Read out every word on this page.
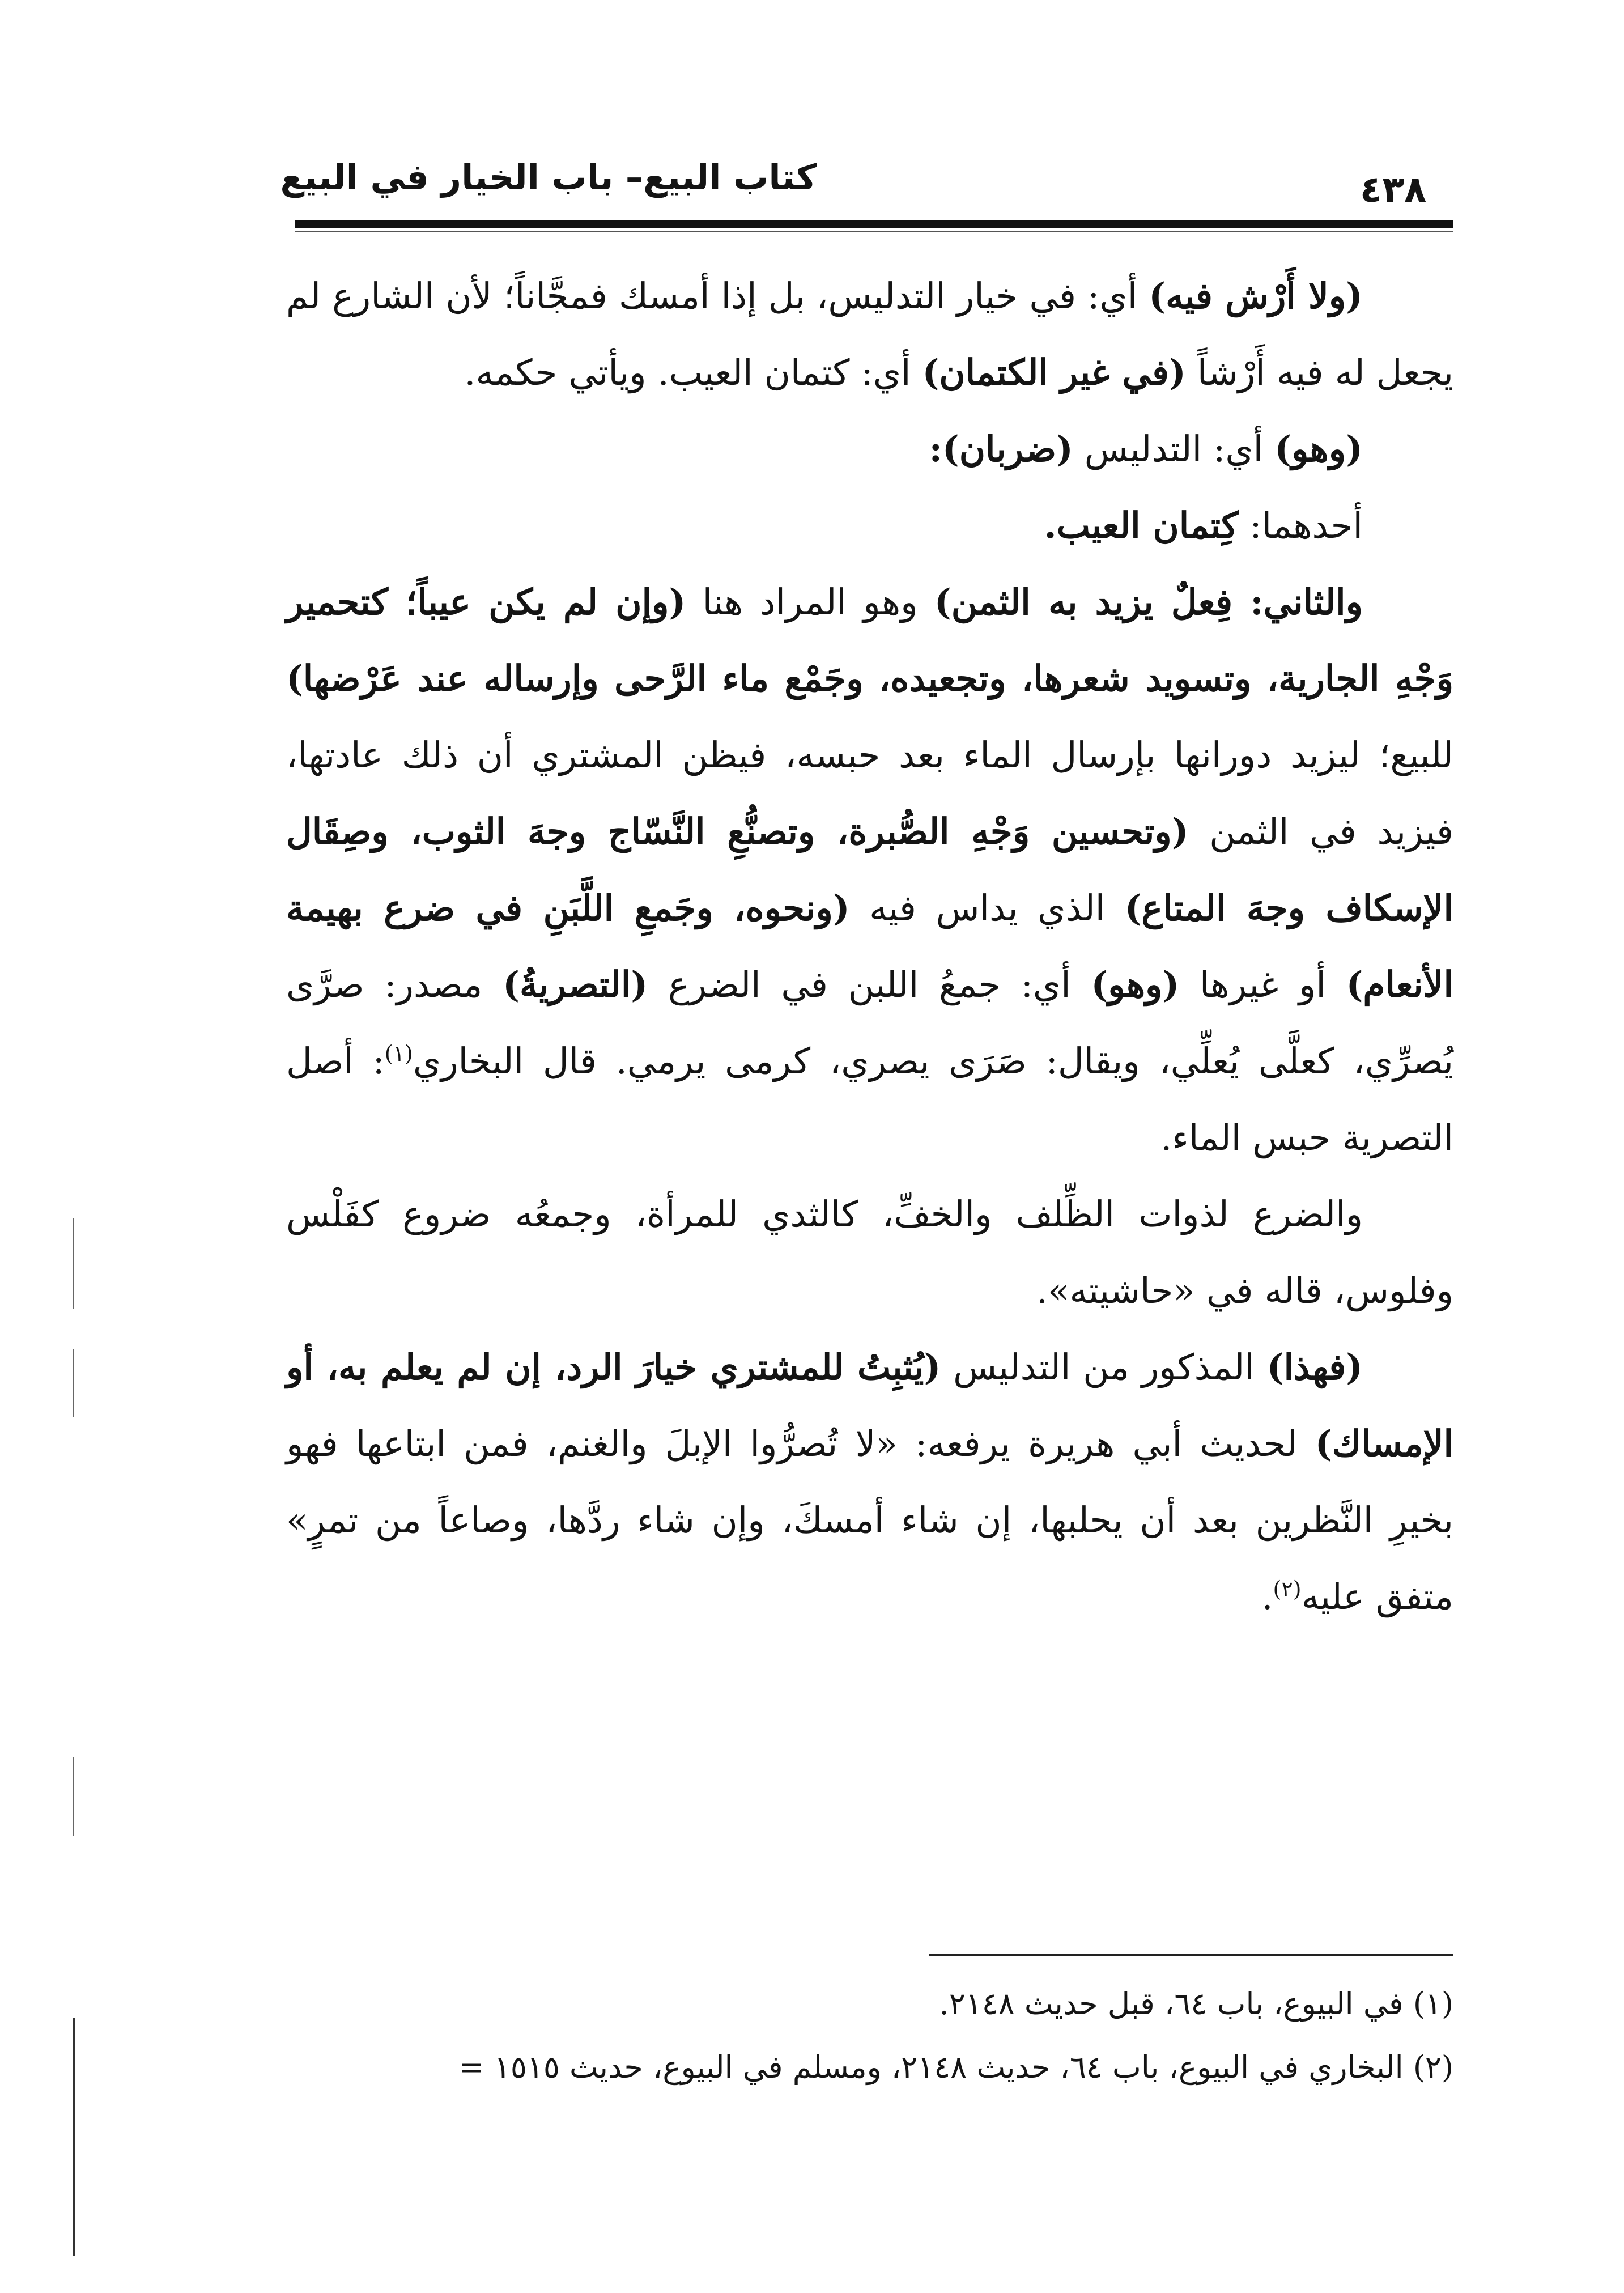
كتاب البيع– باب الخيار في البيع	٤٣٨

(ولا أَرْش فيه) أي: في خيار التدليس، بل إذا أمسك فمجَّاناً؛ لأن الشارع لم يجعل له فيه أَرْشاً (في غير الكتمان) أي: كتمان العيب. ويأتي حكمه.

(وهو) أي: التدليس (ضربان):

أحدهما: كِتمان العيب.

والثاني: فِعلٌ يزيد به الثمن) وهو المراد هنا (وإن لم يكن عيباً؛ كتحمير وَجْهِ الجارية، وتسويد شعرها، وتجعيده، وجَمْع ماء الرَّحى وإرساله عند عَرْضها) للبيع؛ ليزيد دورانها بإرسال الماء بعد حبسه، فيظن المشتري أن ذلك عادتها، فيزيد في الثمن (وتحسين وَجْهِ الصُّبرة، وتصنُّعِ النَّسّاج وجهَ الثوب، وصِقَال الإسكاف وجهَ المتاع) الذي يداس فيه (ونحوه، وجَمعِ اللَّبَنِ في ضرع بهيمة الأنعام) أو غيرها (وهو) أي: جمعُ اللبن في الضرع (التصريةُ) مصدر: صرَّى يُصرِّي، كعلَّى يُعلِّي، ويقال: صَرَى يصري، كرمى يرمي. قال البخاري$^{(١)}$: أصل التصرية حبس الماء.

والضرع لذوات الظِّلف والخفِّ، كالثدي للمرأة، وجمعُه ضروع كفَلْس وفلوس، قاله في «حاشيته».

(فهذا) المذكور من التدليس (يُثبِتُ للمشتري خيارَ الرد، إن لم يعلم به، أو الإمساك) لحديث أبي هريرة يرفعه: «لا تُصرُّوا الإبلَ والغنم، فمن ابتاعها فهو بخيرِ النَّظرين بعد أن يحلبها، إن شاء أمسكَ، وإن شاء ردَّها، وصاعاً من تمرٍ» متفق عليه$^{(٢)}$.

(١) في البيوع، باب ٦٤، قبل حديث ٢١٤٨.

(٢) البخاري في البيوع، باب ٦٤، حديث ٢١٤٨، ومسلم في البيوع، حديث ١٥١٥ =
